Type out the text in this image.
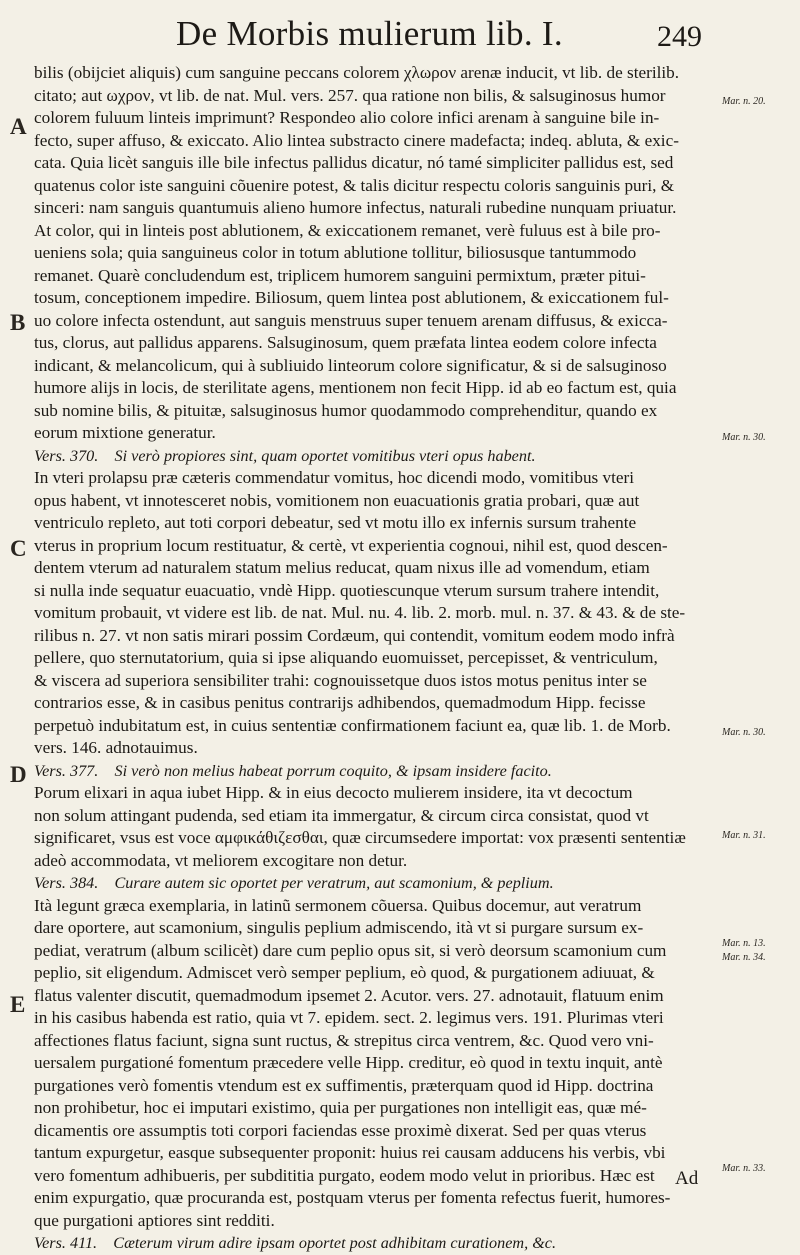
De Morbis mulierum lib. I.	249
bilis (obijciet aliquis) cum sanguine peccans colorem χλωρον arenæ inducit, vt lib. de sterilib.
citato; aut ωχρον, vt lib. de nat. Mul. vers. 257. qua ratione non bilis, & salsuginosus humor
colorem fuluum linteis imprimunt? Respondeo alio colore infici arenam à sanguine bile in-
fecto, super affuso, & exiccato. Alio lintea substracto cinere madefacta; indeq. abluta, & exic-
cata. Quia licèt sanguis ille bile infectus pallidus dicatur, nó tamé simpliciter pallidus est, sed
quatenus color iste sanguini cõuenire potest, & talis dicitur respectu coloris sanguinis puri, &
sinceri: nam sanguis quantumuis alieno humore infectus, naturali rubedine nunquam priuatur.
At color, qui in linteis post ablutionem, & exiccationem remanet, verè fuluus est à bile pro-
ueniens sola; quia sanguineus color in totum ablutione tollitur, biliosusque tantummodo
remanet. Quarè concludendum est, triplicem humorem sanguini permixtum, præter pitui-
tosum, conceptionem impedire. Biliosum, quem lintea post ablutionem, & exiccationem ful-
uo colore infecta ostendunt, aut sanguis menstruus super tenuem arenam diffusus, & exicca-
tus, clorus, aut pallidus apparens. Salsuginosum, quem præfata lintea eodem colore infecta
indicant, & melancolicum, qui à subliuido linteorum colore significatur, & si de salsuginoso
humore alijs in locis, de sterilitate agens, mentionem non fecit Hipp. id ab eo factum est, quia
sub nomine bilis, & pituitæ, salsuginosus humor quodammodo comprehenditur, quando ex
eorum mixtione generatur.
Vers. 370. Si verò propiores sint, quam oportet vomitibus vteri opus habent.
In vteri prolapsu præ cæteris commendatur vomitus, hoc dicendi modo, vomitibus vteri
opus habent, vt innotesceret nobis, vomitionem non euacuationis gratia probari, quæ aut
ventriculo repleto, aut toti corpori debeatur, sed vt motu illo ex infernis sursum trahente
vterus in proprium locum restituatur, & certè, vt experientia cognoui, nihil est, quod descen-
dentem vterum ad naturalem statum melius reducat, quam nixus ille ad vomendum, etiam
si nulla inde sequatur euacuatio, vndè Hipp. quotiescunque vterum sursum trahere intendit,
vomitum probauit, vt videre est lib. de nat. Mul. nu. 4. lib. 2. morb. mul. n. 37. & 43. & de ste-
rilibus n. 27. vt non satis mirari possim Cordæum, qui contendit, vomitum eodem modo infrà
pellere, quo sternutatorium, quia si ipse aliquando euomuisset, percepisset, & ventriculum,
& viscera ad superiora sensibiliter trahi: cognouissetque duos istos motus penitus inter se
contrarios esse, & in casibus penitus contrarijs adhibendos, quemadmodum Hipp. fecisse
perpetuò indubitatum est, in cuius sententiæ confirmationem faciunt ea, quæ lib. 1. de Morb.
vers. 146. adnotauimus.
Vers. 377. Si verò non melius habeat porrum coquito, & ipsam insidere facito.
Porum elixari in aqua iubet Hipp. & in eius decocto mulierem insidere, ita vt decoctum
non solum attingant pudenda, sed etiam ita immergatur, & circum circa consistat, quod vt
significaret, vsus est voce αμφικάθιζεσθαι, quæ circumsedere importat: vox præsenti sententiæ
adeò accommodata, vt meliorem excogitare non detur.
Vers. 384. Curare autem sic oportet per veratrum, aut scamonium, & peplium.
Ità legunt græca exemplaria, in latinũ sermonem cõuersa. Quibus docemur, aut veratrum
dare oportere, aut scamonium, singulis peplium admiscendo, ità vt si purgare sursum ex-
pediat, veratrum (album scilicèt) dare cum peplio opus sit, si verò deorsum scamonium cum
peplio, sit eligendum. Admiscet verò semper peplium, eò quod, & purgationem adiuuat, &
flatus valenter discutit, quemadmodum ipsemet 2. Acutor. vers. 27. adnotauit, flatuum enim
in his casibus habenda est ratio, quia vt 7. epidem. sect. 2. legimus vers. 191. Plurimas vteri
affectiones flatus faciunt, signa sunt ructus, & strepitus circa ventrem, &c. Quod vero vni-
uersalem purgationé fomentum præcedere velle Hipp. creditur, eò quod in textu inquit, antè
purgationes verò fomentis vtendum est ex suffimentis, præterquam quod id Hipp. doctrina
non prohibetur, hoc ei imputari existimo, quia per purgationes non intelligit eas, quæ mé-
dicamentis ore assumptis toti corpori faciendas esse proximè dixerat. Sed per quas vterus
tantum expurgetur, easque subsequenter proponit: huius rei causam adducens his verbis, vbi
vero fomentum adhibueris, per subdititia purgato, eodem modo velut in prioribus. Hæc est
enim expurgatio, quæ procuranda est, postquam vterus per fomenta refectus fuerit, humores-
que purgationi aptiores sint redditi.
Vers. 411. Cæterum virum adire ipsam oportet post adhibitam curationem, &c.
A
B
C
D
E
Mar. n. 20.
Mar. n. 30.
Mar. n. 30.
Mar. n. 31.
Mar. n. 13.
Mar. n. 34.
Mar. n. 33.
Ad
